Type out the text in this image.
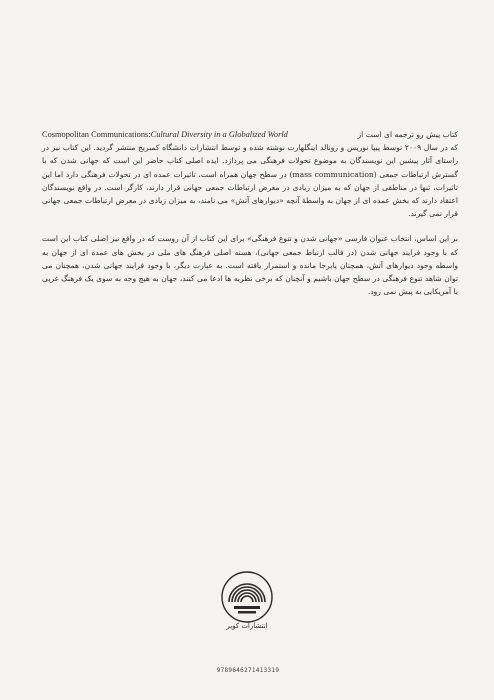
Cosmopolitan Communications:Cultural Diversity in a Globalized World	کتاب پیش رو ترجمه ای است از
که در سال ۲۰۰۹ توسط پیپا نوریس و رونالد اینگلهارت نوشته شده و توسط انتشارات دانشگاه کمبریج منتشر گردید. این کتاب نیز در راستای آثار پیشین این نویسندگان به موضوع تحولات فرهنگی می پردازد. ایده اصلی کتاب حاضر این است که جهانی شدن که با گسترش ارتباطات جمعی (mass communication) در سطح جهان همراه است، تاثیرات عمده ای در تحولات فرهنگی دارد اما این تاثیرات، تنها در مناطقی از جهان که به میزان زیادی در معرض ارتباطات جمعی جهانی قرار دارند، کارگر است. در واقع نویسندگان اعتقاد دارند که بخش عمده ای از جهان به واسطهٔ آنچه «دیوارهای آتش» می نامند، به میزان زیادی در معرض ارتباطات جمعی جهانی قرار نمی گیرند.

بر این اساس، انتخاب عنوان فارسی «جهانی شدن و تنوع فرهنگی» برای این کتاب از آن روست که در واقع نیز اصلی کتاب این است که با وجود فرایند جهانی شدن (در قالب ارتباط جمعی جهانی)، هسته اصلی فرهنگ های ملی در بخش های عمده ای از جهان به واسطه وجود دیوارهای آتش، همچنان پابرجا مانده و استمرار یافته است. به عبارت دیگر، با وجود فرایند جهانی شدن، همچنان می توان شاهد تنوع فرهنگی در سطح جهان باشیم و آنچنان که برخی نظریه ها ادعا می کنند، جهان به هیچ وجه به سوی یک فرهنگ غربی یا آمریکایی به پیش نمی رود.

انتشارات کویر
9789646271413319
